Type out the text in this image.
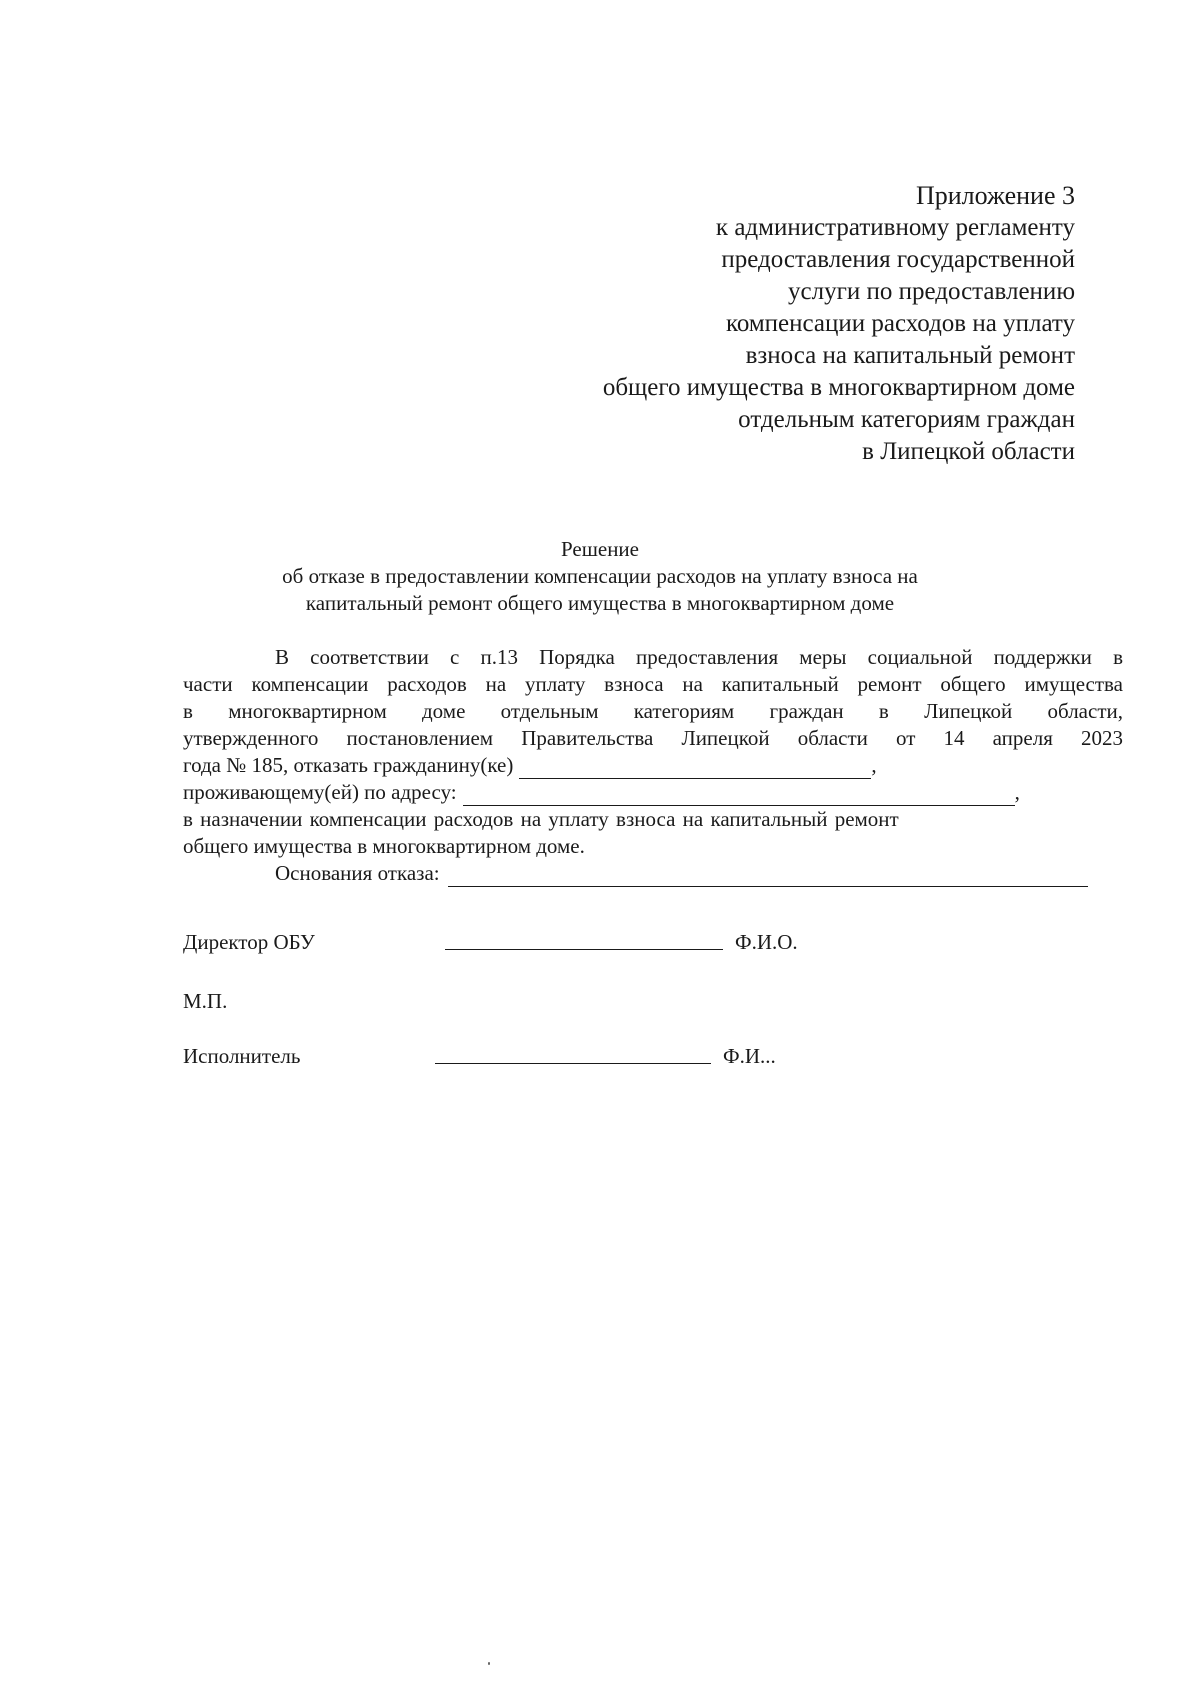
Приложение 3
к административному регламенту
предоставления государственной
услуги по предоставлению
компенсации расходов на уплату
взноса на капитальный ремонт
общего имущества в многоквартирном доме
отдельным категориям граждан
в Липецкой области
Решение
об отказе в предоставлении компенсации расходов на уплату взноса на
капитальный ремонт общего имущества в многоквартирном доме
В соответствии с п.13 Порядка предоставления меры социальной поддержки в
части компенсации расходов на уплату взноса на капитальный ремонт общего имущества
в многоквартирном доме отдельным категориям граждан в Липецкой области,
утвержденного постановлением Правительства Липецкой области от 14 апреля 2023
года № 185, отказать гражданину(ке)	,
проживающему(ей) по адресу:	,
в назначении компенсации расходов на уплату взноса на капитальный ремонт
общего имущества в многоквартирном доме.
Основания отказа:
Директор ОБУ	Ф.И.О.
М.П.
Исполнитель	Ф.И...
